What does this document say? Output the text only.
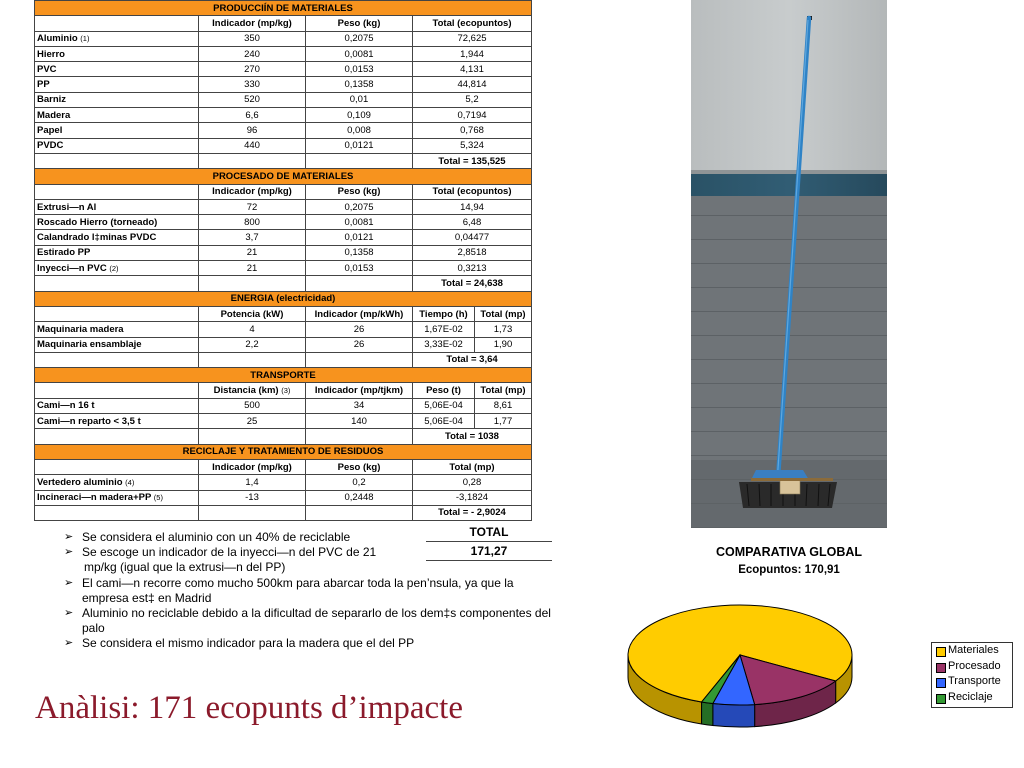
PRODUCCIÍN DE MATERIALES				
	Indicador (mp/kg)	Peso (kg)	Total (ecopuntos)	
Aluminio (1)	350	0,2075	72,625	
Hierro	240	0,0081	1,944	
PVC	270	0,0153	4,131	
PP	330	0,1358	44,814	
Barniz	520	0,01	5,2	
Madera	6,6	0,109	0,7194	
Papel	96	0,008	0,768	
PVDC	440	0,0121	5,324	
			Total = 135,525	
PROCESADO DE MATERIALES				
	Indicador (mp/kg)	Peso (kg)	Total (ecopuntos)	
Extrusi—n Al	72	0,2075	14,94	
Roscado Hierro (torneado)	800	0,0081	6,48	
Calandrado l‡minas PVDC	3,7	0,0121	0,04477	
Estirado PP	21	0,1358	2,8518	
Inyecci—n PVC (2)	21	0,0153	0,3213	
			Total = 24,638	
ENERGIA (electricidad)				
	Potencia (kW)	Indicador (mp/kWh)	Tiempo (h)	Total (mp)
Maquinaria madera	4	26	1,67E-02	1,73
Maquinaria ensamblaje	2,2	26	3,33E-02	1,90
			Total = 3,64	
TRANSPORTE				
	Distancia (km) (3)	Indicador (mp/tjkm)	Peso (t)	Total (mp)
Cami—n 16 t	500	34	5,06E-04	8,61
Cami—n reparto < 3,5 t	25	140	5,06E-04	1,77
			Total = 1038	
RECICLAJE Y TRATAMIENTO DE RESIDUOS				
	Indicador (mp/kg)	Peso (kg)	Total (mp)	
Vertedero aluminio (4)	1,4	0,2	0,28	
Incineraci—n madera+PP (5)	-13	0,2448	-3,1824	
			Total = - 2,9024	
TOTAL
171,27
➢ Se considera el aluminio con un 40% de reciclable
➢ Se escoge un indicador de la inyecci—n del PVC de 21
mp/kg (igual que la extrusi—n del PP)
➢ El cami—n recorre como mucho 500km para abarcar toda la pen’nsula, ya que la empresa est‡ en Madrid
➢ Aluminio no reciclable debido a la dificultad de separarlo de los dem‡s componentes del palo
➢ Se considera el mismo indicador para la madera que el del PP
Anàlisi: 171 ecopunts d’impacte
COMPARATIVA GLOBAL
Ecopuntos: 170,91
Materiales
Procesado
Transporte
Reciclaje
